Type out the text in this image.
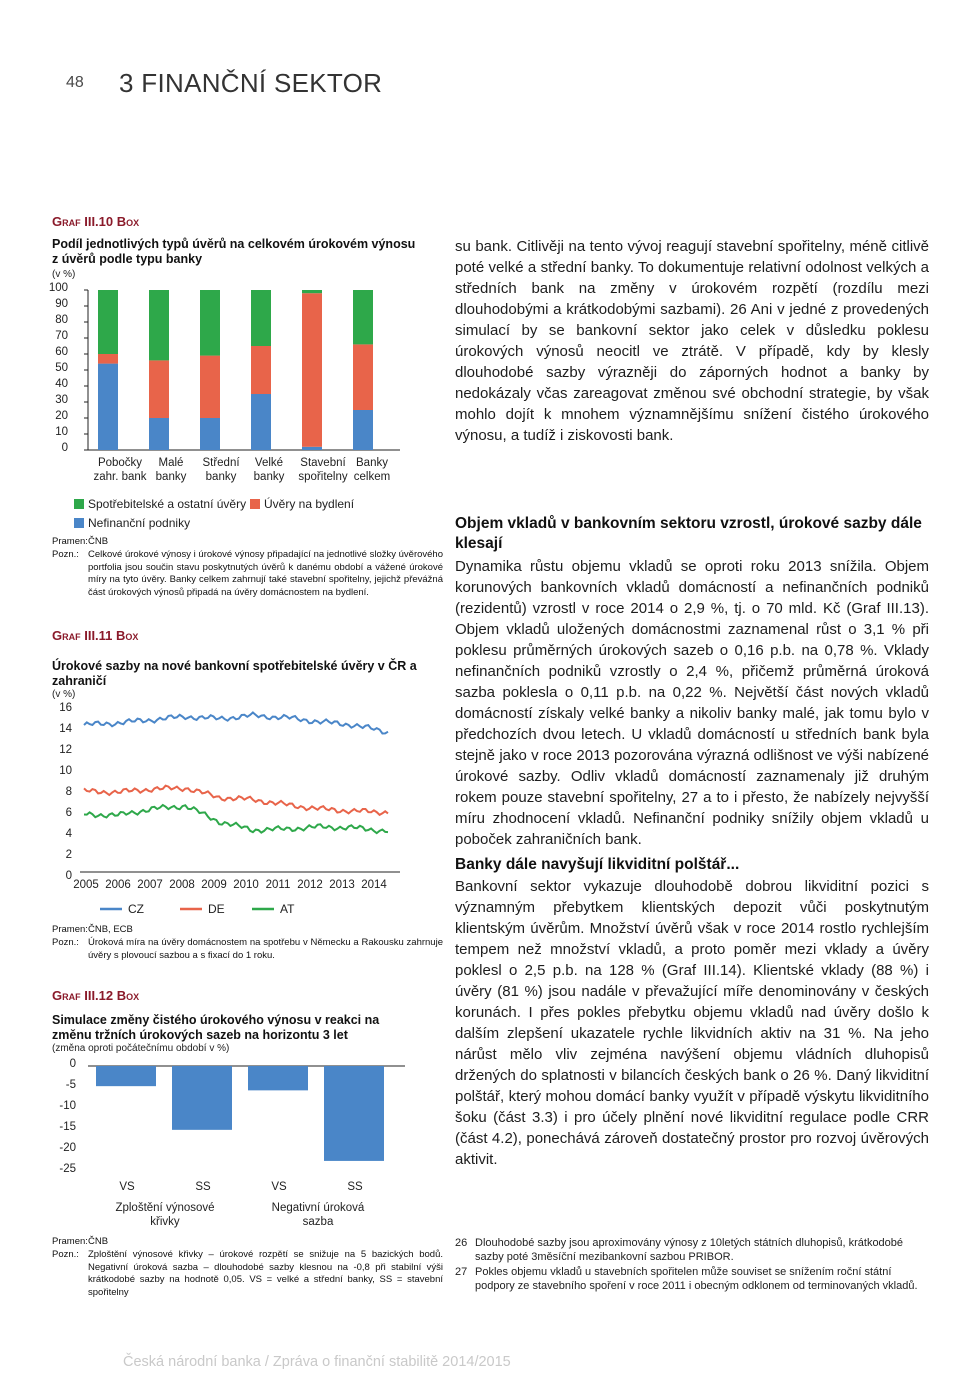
48 3 FINANČNÍ SEKTOR
Graf III.10 Box
Podíl jednotlivých typů úvěrů na celkovém úrokovém výnosu z úvěrů podle typu banky
(v %)
100
90
80
70
60
50
40
30
20
10
0
Pobočky zahr. bank
Malé banky
Střední banky
Velké banky
Stavební spořitelny
Banky celkem
Spotřebitelské a ostatní úvěry Úvěry na bydlení
Nefinanční podniky
Pramen: ČNB
Pozn.: Celkové úrokové výnosy i úrokové výnosy připadající na jednotlivé složky úvěrového portfolia jsou součin stavu poskytnutých úvěrů k danému období a vážené úrokové míry na tyto úvěry. Banky celkem zahrnují také stavební spořitelny, jejichž převážná část úrokových výnosů připadá na úvěry domácnostem na bydlení.
Graf III.11 Box
Úrokové sazby na nové bankovní spotřebitelské úvěry v ČR a zahraničí
(v %)
16
14
12
10
8
6
4
2
0
2005 2006 2007 2008 2009 2010 2011 2012 2013 2014
CZ	DE	AT
Pramen: ČNB, ECB
Pozn.: Úroková míra na úvěry domácnostem na spotřebu v Německu a Rakousku zahrnuje úvěry s plovoucí sazbou a s fixací do 1 roku.
Graf III.12 Box
Simulace změny čistého úrokového výnosu v reakci na změnu tržních úrokových sazeb na horizontu 3 let
(změna oproti počátečnímu období v %)
0
-5
-10
-15
-20
-25
VS	SS	VS	SS
Zploštění výnosové křivky
Negativní úroková sazba
Pramen: ČNB
Pozn.: Zploštění výnosové křivky – úrokové rozpětí se snižuje na 5 bazických bodů. Negativní úroková sazba – dlouhodobé sazby klesnou na -0,8 při stabilní výši krátkodobé sazby na hodnotě 0,05. VS = velké a střední banky, SS = stavební spořitelny
su bank. Citlivěji na tento vývoj reagují stavební spořitelny, méně citlivě poté velké a střední banky. To dokumentuje relativní odolnost velkých a středních bank na změny v úrokovém rozpětí (rozdílu mezi dlouhodobými a krátkodobými sazbami). 26 Ani v jedné z provedených simulací by se bankovní sektor jako celek v důsledku poklesu úrokových výnosů neocitl ve ztrátě. V případě, kdy by klesly dlouhodobé sazby výrazněji do záporných hodnot a banky by nedokázaly včas zareagovat změnou své obchodní strategie, by však mohlo dojít k mnohem významnějšímu snížení čistého úrokového výnosu, a tudíž i ziskovosti bank.
Objem vkladů v bankovním sektoru vzrostl, úrokové sazby dále klesají
Dynamika růstu objemu vkladů se oproti roku 2013 snížila. Objem korunových bankovních vkladů domácností a nefinančních podniků (rezidentů) vzrostl v roce 2014 o 2,9 %, tj. o 70 mld. Kč (Graf III.13). Objem vkladů uložených domácnostmi zaznamenal růst o 3,1 % při poklesu průměrných úrokových sazeb o 0,16 p.b. na 0,78 %. Vklady nefinančních podniků vzrostly o 2,4 %, přičemž průměrná úroková sazba poklesla o 0,11 p.b. na 0,22 %. Největší část nových vkladů domácností získaly velké banky a nikoliv banky malé, jak tomu bylo v předchozích dvou letech. U vkladů domácností u středních bank byla stejně jako v roce 2013 pozorována výrazná odlišnost ve výši nabízené úrokové sazby. Odliv vkladů domácností zaznamenaly již druhým rokem pouze stavební spořitelny, 27 a to i přesto, že nabízely nejvyšší míru zhodnocení vkladů. Nefinanční podniky snížily objem vkladů u poboček zahraničních bank.
Banky dále navyšují likviditní polštář...
Bankovní sektor vykazuje dlouhodobě dobrou likviditní pozici s významným přebytkem klientských depozit vůči poskytnutým klientským úvěrům. Množství úvěrů však v roce 2014 rostlo rychlejším tempem než množství vkladů, a proto poměr mezi vklady a úvěry poklesl o 2,5 p.b. na 128 % (Graf III.14). Klientské vklady (88 %) i úvěry (81 %) jsou nadále v převažující míře denominovány v českých korunách. I přes pokles přebytku objemu vkladů nad úvěry došlo k dalším zlepšení ukazatele rychle likvidních aktiv na 31 %. Na jeho nárůst mělo vliv zejména navýšení objemu vládních dluhopisů držených do splatnosti v bilancích českých bank o 26 %. Daný likviditní polštář, který mohou domácí banky využít v případě výskytu likviditního šoku (část 3.3) i pro účely plnění nové likviditní regulace podle CRR (část 4.2), ponechává zároveň dostatečný prostor pro rozvoj úvěrových aktivit.
26 Dlouhodobé sazby jsou aproximovány výnosy z 10letých státních dluhopisů, krátkodobé sazby poté 3měsíční mezibankovní sazbou PRIBOR.
27 Pokles objemu vkladů u stavebních spořitelen může souviset se snížením roční státní podpory ze stavebního spoření v roce 2011 i obecným odklonem od terminovaných vkladů.
Česká národní banka / Zpráva o finanční stabilitě 2014/2015
